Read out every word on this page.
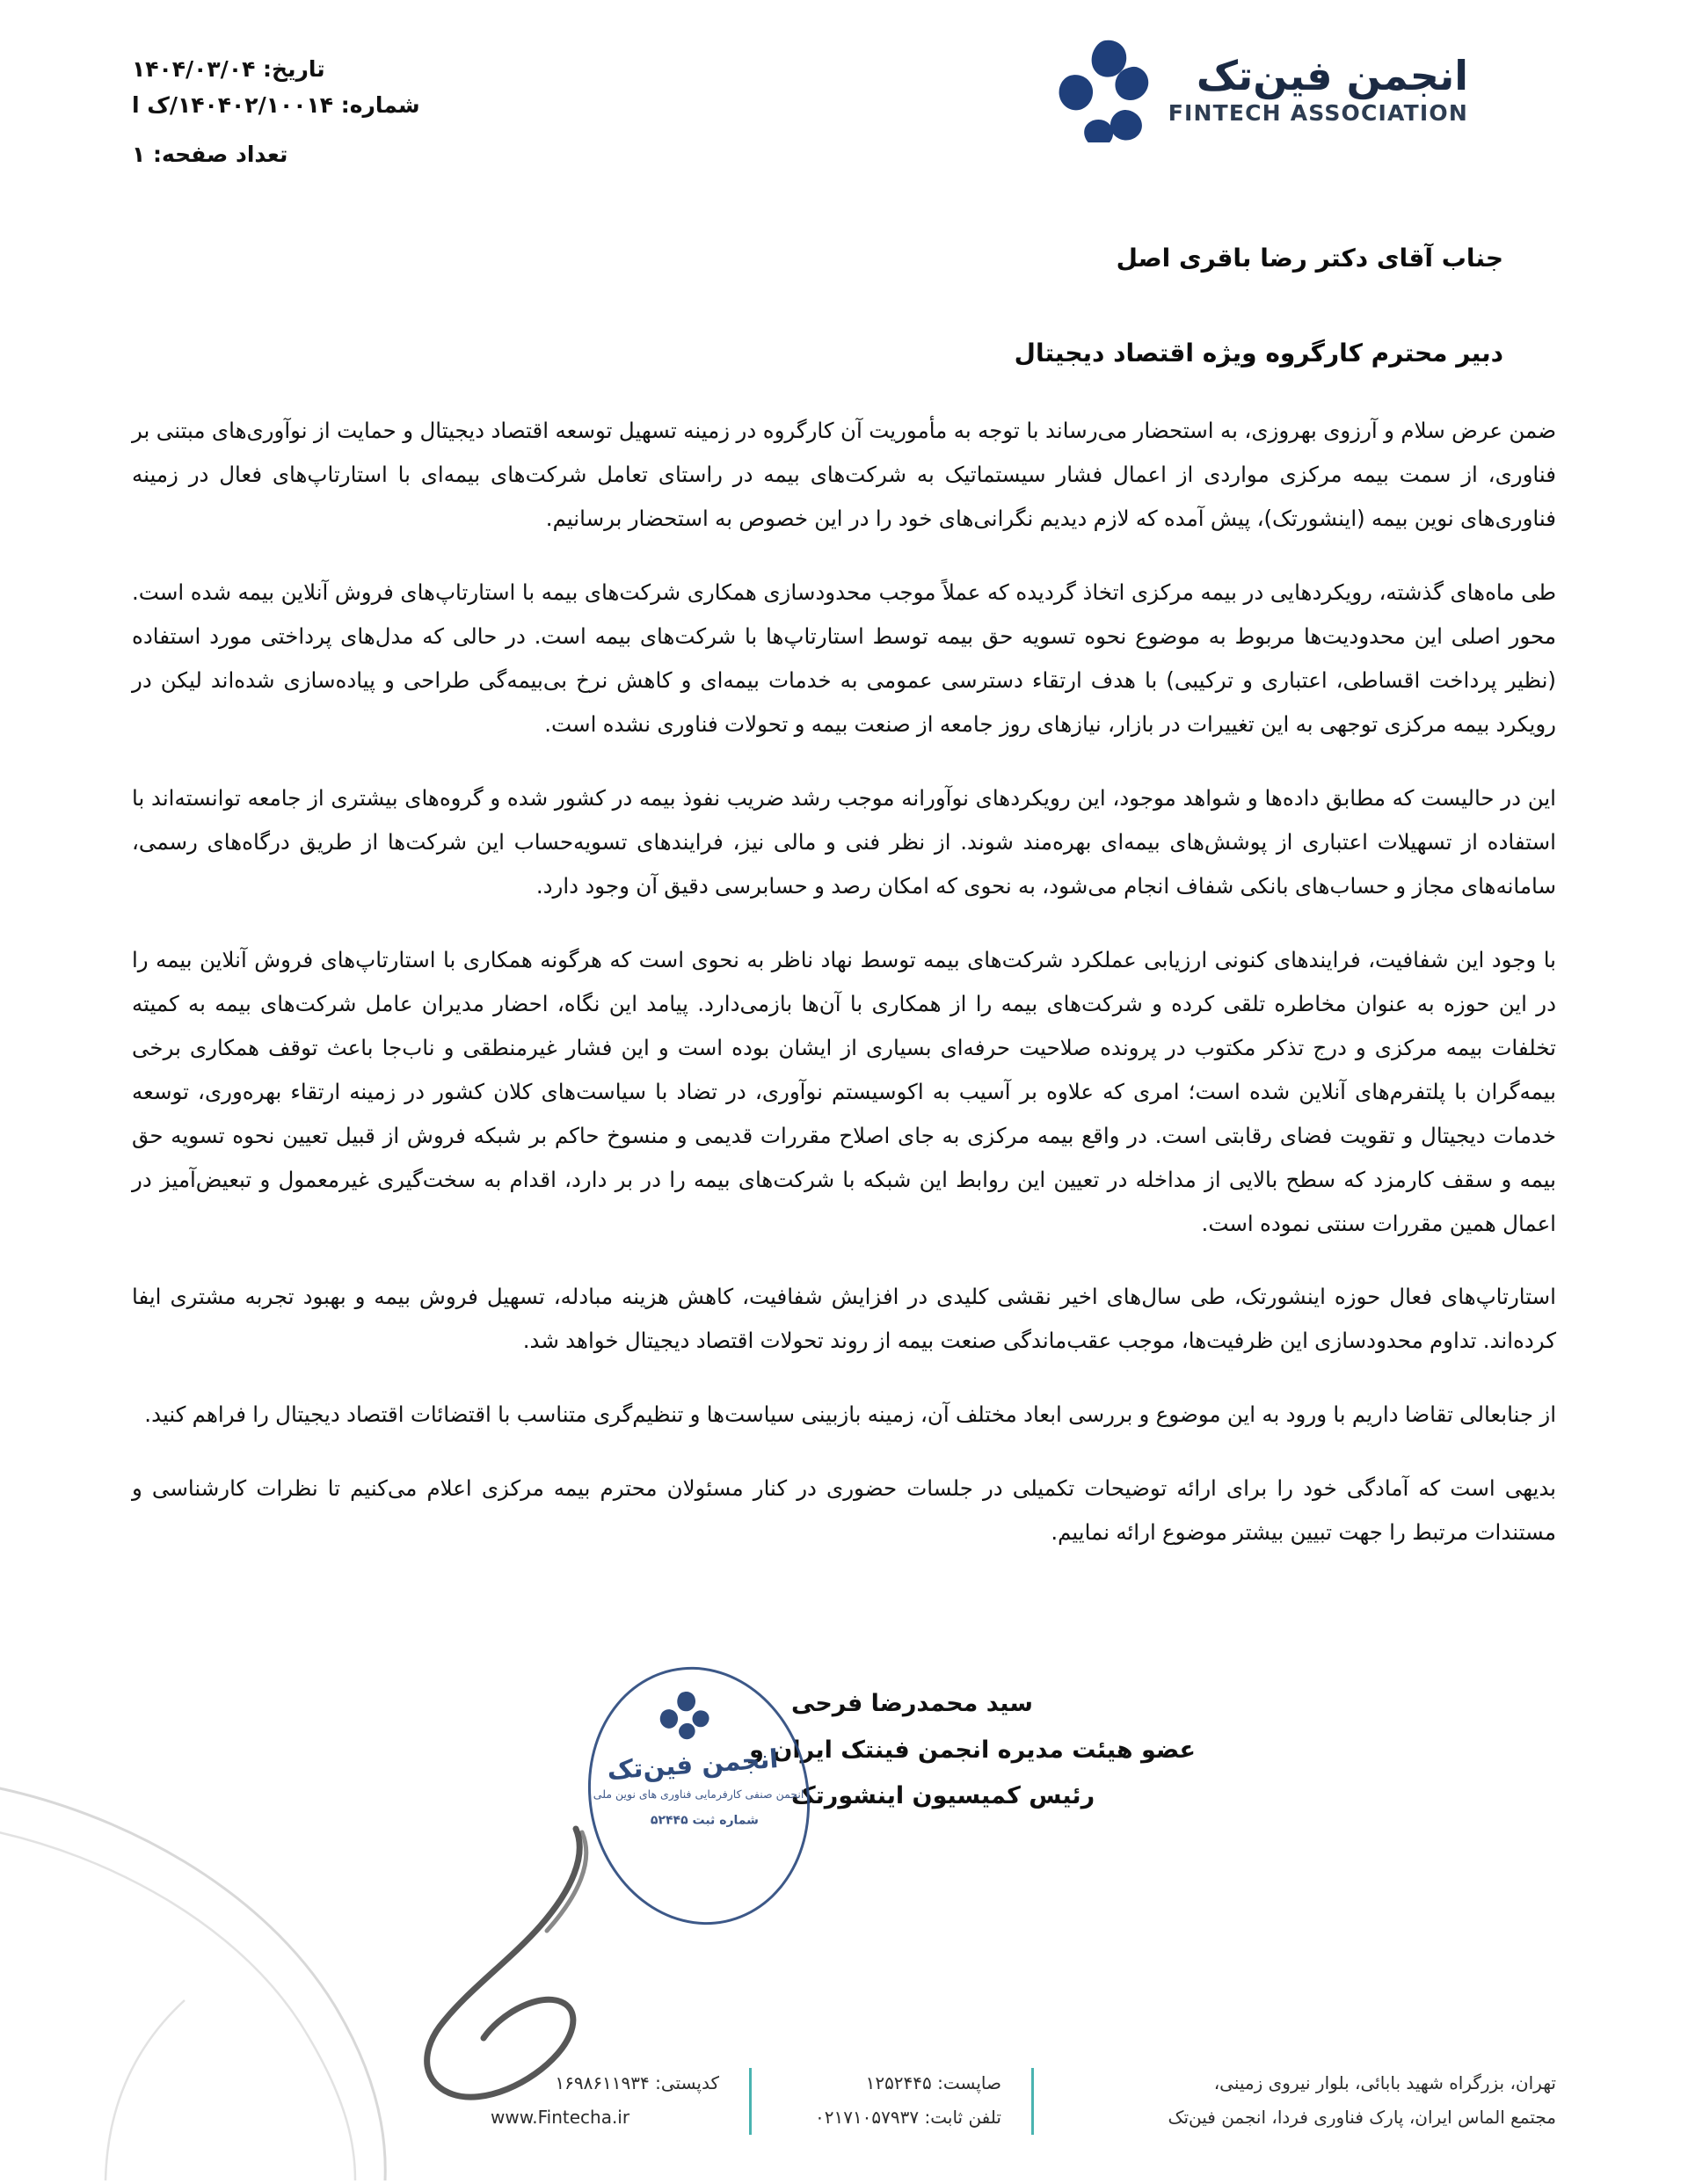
تاریخ: ۱۴۰۴/۰۳/۰۴
شماره: ۱۴۰۴۰۲/۱۰۰۱۴/ک ا
تعداد صفحه: ۱
انجمن فین‌تک
FINTECH ASSOCIATION
جناب آقای دکتر رضا باقری اصل
دبیر محترم کارگروه ویژه اقتصاد دیجیتال

ضمن عرض سلام و آرزوی بهروزی، به استحضار می‌رساند با توجه به مأموریت آن کارگروه در زمینه تسهیل توسعه اقتصاد دیجیتال و حمایت از نوآوری‌های مبتنی بر فناوری، از سمت بیمه مرکزی مواردی از اعمال فشار سیستماتیک به شرکت‌های بیمه در راستای تعامل شرکت‌های بیمه‌ای با استارتاپ‌های فعال در زمینه فناوری‌های نوین بیمه (اینشورتک)، پیش آمده که لازم دیدیم نگرانی‌های خود را در این خصوص به استحضار برسانیم.

طی ماه‌های گذشته، رویکردهایی در بیمه مرکزی اتخاذ گردیده که عملاً موجب محدودسازی همکاری شرکت‌های بیمه با استارتاپ‌های فروش آنلاین بیمه شده است. محور اصلی این محدودیت‌ها مربوط به موضوع نحوه تسویه حق بیمه توسط استارتاپ‌ها با شرکت‌های بیمه است. در حالی که مدل‌های پرداختی مورد استفاده (نظیر پرداخت اقساطی، اعتباری و ترکیبی) با هدف ارتقاء دسترسی عمومی به خدمات بیمه‌ای و کاهش نرخ بی‌بیمه‌گی طراحی و پیاده‌سازی شده‌اند لیکن در رویکرد بیمه مرکزی توجهی به این تغییرات در بازار، نیازهای روز جامعه از صنعت بیمه و تحولات فناوری نشده است.

این در حالیست که مطابق داده‌ها و شواهد موجود، این رویکردهای نوآورانه موجب رشد ضریب نفوذ بیمه در کشور شده و گروه‌های بیشتری از جامعه توانسته‌اند با استفاده از تسهیلات اعتباری از پوشش‌های بیمه‌ای بهره‌مند شوند. از نظر فنی و مالی نیز، فرایندهای تسویه‌حساب این شرکت‌ها از طریق درگاه‌های رسمی، سامانه‌های مجاز و حساب‌های بانکی شفاف انجام می‌شود، به نحوی که امکان رصد و حسابرسی دقیق آن وجود دارد.

با وجود این شفافیت، فرایندهای کنونی ارزیابی عملکرد شرکت‌های بیمه توسط نهاد ناظر به نحوی است که هرگونه همکاری با استارتاپ‌های فروش آنلاین بیمه را در این حوزه به عنوان مخاطره تلقی کرده و شرکت‌های بیمه را از همکاری با آن‌ها بازمی‌دارد. پیامد این نگاه، احضار مدیران عامل شرکت‌های بیمه به کمیته تخلفات بیمه مرکزی و درج تذکر مکتوب در پرونده صلاحیت حرفه‌ای بسیاری از ایشان بوده است و این فشار غیرمنطقی و ناب‌جا باعث توقف همکاری برخی بیمه‌گران با پلتفرم‌های آنلاین شده است؛ امری که علاوه بر آسیب به اکوسیستم نوآوری، در تضاد با سیاست‌های کلان کشور در زمینه ارتقاء بهره‌وری، توسعه خدمات دیجیتال و تقویت فضای رقابتی است. در واقع بیمه مرکزی به جای اصلاح مقررات قدیمی و منسوخ حاکم بر شبکه فروش از قبیل تعیین نحوه تسویه حق بیمه و سقف کارمزد که سطح بالایی از مداخله در تعیین این روابط این شبکه با شرکت‌های بیمه را در بر دارد، اقدام به سخت‌گیری غیرمعمول و تبعیض‌آمیز در اعمال همین مقررات سنتی نموده است.

استارتاپ‌های فعال حوزه اینشورتک، طی سال‌های اخیر نقشی کلیدی در افزایش شفافیت، کاهش هزینه مبادله، تسهیل فروش بیمه و بهبود تجربه مشتری ایفا کرده‌اند. تداوم محدودسازی این ظرفیت‌ها، موجب عقب‌ماندگی صنعت بیمه از روند تحولات اقتصاد دیجیتال خواهد شد.

از جنابعالی تقاضا داریم با ورود به این موضوع و بررسی ابعاد مختلف آن، زمینه بازبینی سیاست‌ها و تنظیم‌گری متناسب با اقتضائات اقتصاد دیجیتال را فراهم کنید.

بدیهی است که آمادگی خود را برای ارائه توضیحات تکمیلی در جلسات حضوری در کنار مسئولان محترم بیمه مرکزی اعلام می‌کنیم تا نظرات کارشناسی و مستندات مرتبط را جهت تبیین بیشتر موضوع ارائه نماییم.

سید محمدرضا فرحی
عضو هیئت مدیره انجمن فینتک ایران و
رئیس کمیسیون اینشورتک
انجمن فین‌تک
انجمن صنفی کارفرمایی فناوری های نوین ملی
شماره ثبت ۵۲۴۴۵
تهران، بزرگراه شهید بابائی، بلوار نیروی زمینی،
مجتمع الماس ایران، پارک فناوری فردا، انجمن فین‌تک
صاپست: ۱۲۵۲۴۴۵
تلفن ثابت: ۰۲۱۷۱۰۵۷۹۳۷
کدپستی: ۱۶۹۸۶۱۱۹۳۴
www.Fintecha.ir
